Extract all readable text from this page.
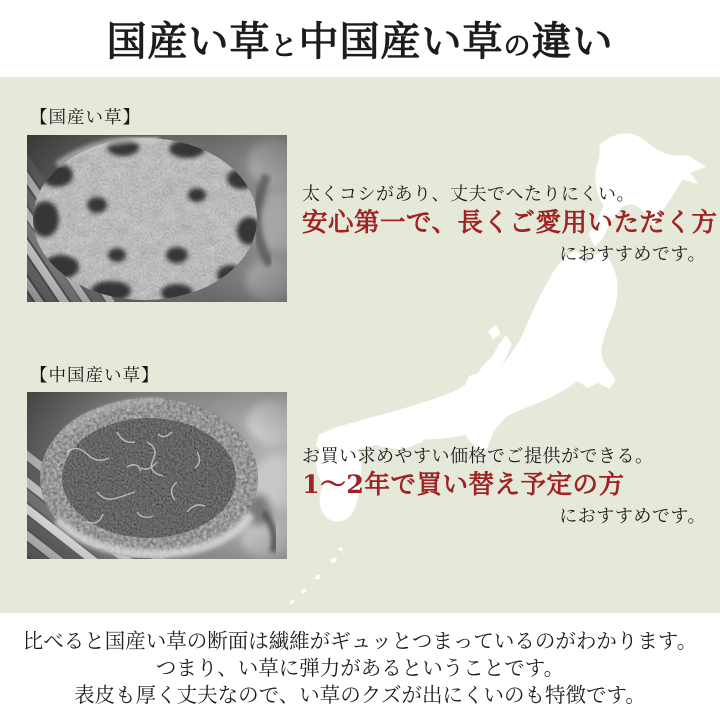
国産い草と中国産い草の違い
【国産い草】

太くコシがあり、丈夫でへたりにくい。

安心第一で、長くご愛用いただく方

におすすめです。

【中国産い草】

お買い求めやすい価格でご提供ができる。

1〜2年で買い替え予定の方

におすすめです。

比べると国産い草の断面は繊維がギュッとつまっているのがわかります。

つまり、い草に弾力があるということです。

表皮も厚く丈夫なので、い草のクズが出にくいのも特徴です。
